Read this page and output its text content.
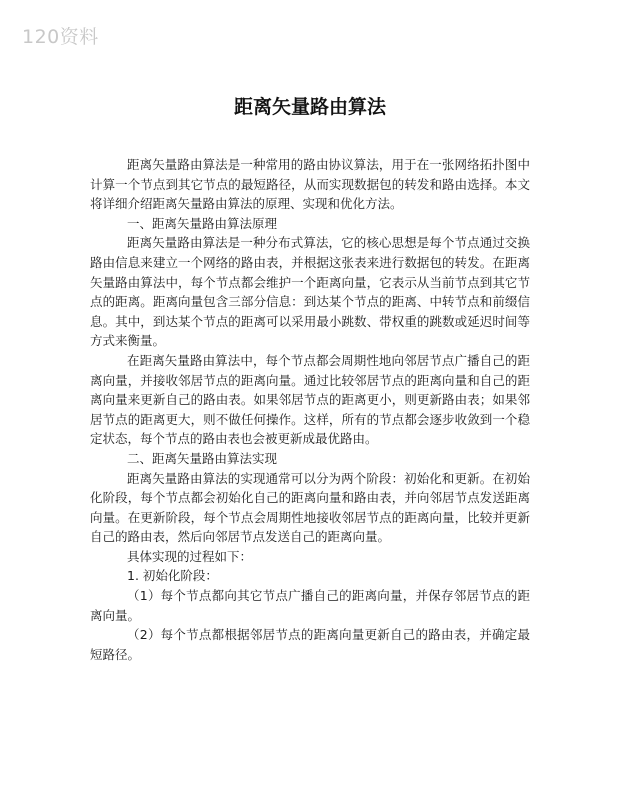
120资料
距离矢量路由算法

距离矢量路由算法是一种常用的路由协议算法，用于在一张网络拓扑图中计算一个节点到其它节点的最短路径，从而实现数据包的转发和路由选择。本文将详细介绍距离矢量路由算法的原理、实现和优化方法。

一、距离矢量路由算法原理

距离矢量路由算法是一种分布式算法，它的核心思想是每个节点通过交换路由信息来建立一个网络的路由表，并根据这张表来进行数据包的转发。在距离矢量路由算法中，每个节点都会维护一个距离向量，它表示从当前节点到其它节点的距离。距离向量包含三部分信息：到达某个节点的距离、中转节点和前缀信息。其中，到达某个节点的距离可以采用最小跳数、带权重的跳数或延迟时间等方式来衡量。

在距离矢量路由算法中，每个节点都会周期性地向邻居节点广播自己的距离向量，并接收邻居节点的距离向量。通过比较邻居节点的距离向量和自己的距离向量来更新自己的路由表。如果邻居节点的距离更小，则更新路由表；如果邻居节点的距离更大，则不做任何操作。这样，所有的节点都会逐步收敛到一个稳定状态，每个节点的路由表也会被更新成最优路由。

二、距离矢量路由算法实现

距离矢量路由算法的实现通常可以分为两个阶段：初始化和更新。在初始化阶段，每个节点都会初始化自己的距离向量和路由表，并向邻居节点发送距离向量。在更新阶段，每个节点会周期性地接收邻居节点的距离向量，比较并更新自己的路由表，然后向邻居节点发送自己的距离向量。

具体实现的过程如下：

1. 初始化阶段：

（1）每个节点都向其它节点广播自己的距离向量，并保存邻居节点的距离向量。

（2）每个节点都根据邻居节点的距离向量更新自己的路由表，并确定最短路径。
